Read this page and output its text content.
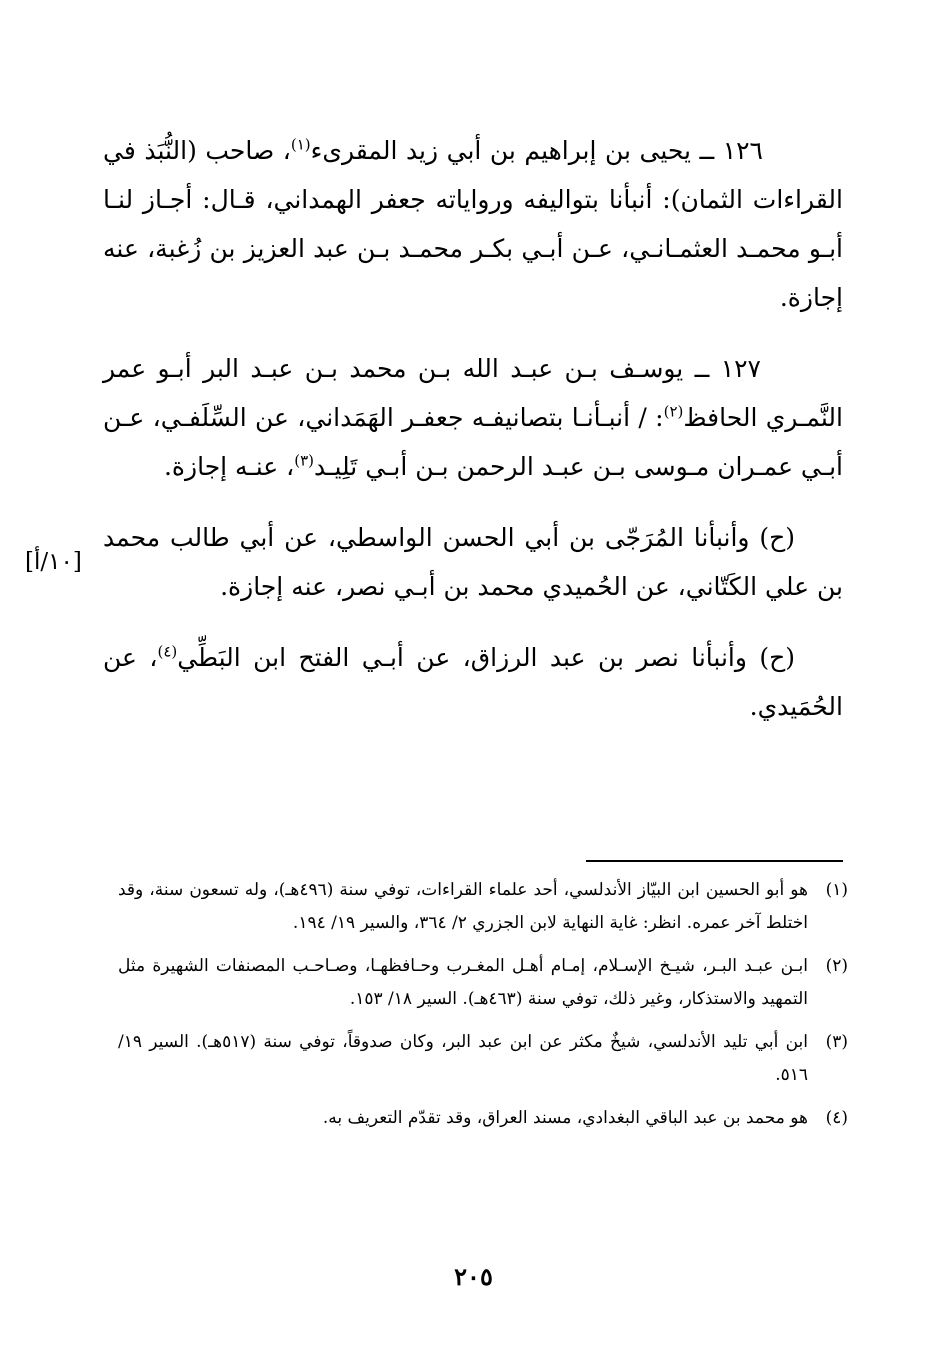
١٢٦ ــ يحيى بن إبراهيم بن أبي زيد المقرىء$^{(١)}$، صاحب (النُّبَذ في القراءات الثمان): أنبأنا بتواليفه ورواياته جعفر الهمداني، قـال: أجـاز لنـا أبـو محمـد العثمـانـي، عـن أبـي بكـر محمـد بـن عبد العزيز بن زُغبة، عنه إجازة.

١٢٧ ــ يوسـف بـن عبـد الله بـن محمد بـن عبـد البر أبـو عمر النَّمـري الحافظ$^{(٢)}$: / أنبـأنـا بتصانيفـه جعفـر الهَمَداني، عن السِّلَفـي، عـن أبـي عمـران مـوسى بـن عبـد الرحمن بـن أبـي تَلِيـد$^{(٣)}$، عنـه إجازة.

(ح) وأنبأنا المُرَجّى بن أبي الحسن الواسطي، عن أبي طالب محمد بن علي الكَتّاني، عن الحُميدي محمد بن أبـي نصر، عنه إجازة.

(ح) وأنبأنا نصر بن عبد الرزاق، عن أبـي الفتح ابن البَطِّي$^{(٤)}$، عن الحُمَيدي.

[١٠/أ]
(١)
هو أبو الحسين ابن البيّاز الأندلسي، أحد علماء القراءات، توفي سنة (٤٩٦هـ)، وله تسعون سنة، وقد اختلط آخر عمره. انظر: غاية النهاية لابن الجزري ٢/ ٣٦٤، والسير ١٩/ ١٩٤.
(٢)
ابـن عبـد البـر، شيـخ الإسـلام، إمـام أهـل المغـرب وحـافظهـا، وصـاحـب المصنفات الشهيرة مثل التمهيد والاستذكار، وغير ذلك، توفي سنة (٤٦٣هـ). السير ١٨/ ١٥٣.
(٣)
ابن أبي تليد الأندلسي، شيخٌ مكثر عن ابن عبد البر، وكان صدوقاً، توفي سنة (٥١٧هـ). السير ١٩/ ٥١٦.
(٤)
هو محمد بن عبد الباقي البغدادي، مسند العراق، وقد تقدّم التعريف به.
٢٠٥
